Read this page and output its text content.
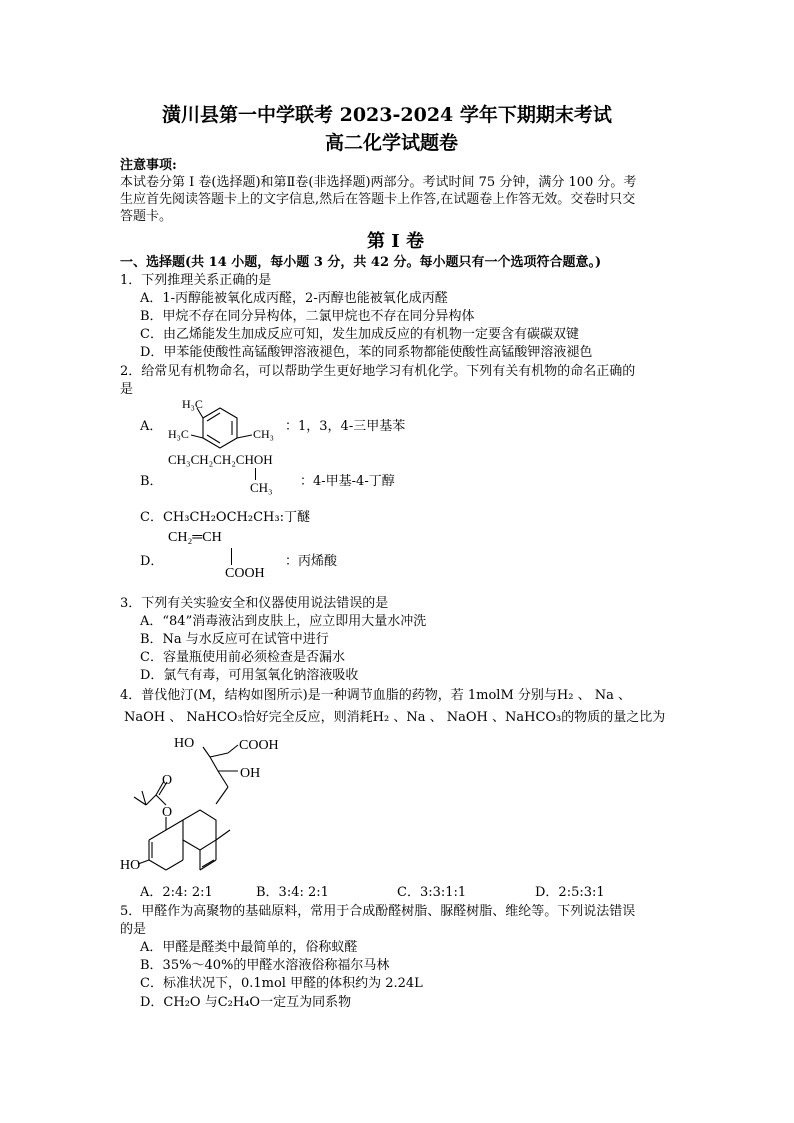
潢川县第一中学联考 2023-2024 学年下期期末考试
高二化学试题卷
注意事项:
本试卷分第 I 卷(选择题)和第Ⅱ卷(非选择题)两部分。考试时间 75 分钟，满分 100 分。考
生应首先阅读答题卡上的文字信息,然后在答题卡上作答,在试题卷上作答无效。交卷时只交
答题卡。
第 I 卷
一、选择题(共 14 小题，每小题 3 分，共 42 分。每小题只有一个选项符合题意。)
1．下列推理关系正确的是
A．1-丙醇能被氧化成丙醛，2-丙醇也能被氧化成丙醛
B．甲烷不存在同分异构体，二氯甲烷也不存在同分异构体
C．由乙烯能发生加成反应可知，发生加成反应的有机物一定要含有碳碳双键
D．甲苯能使酸性高锰酸钾溶液褪色，苯的同系物都能使酸性高锰酸钾溶液褪色
2．给常见有机物命名，可以帮助学生更好地学习有机化学。下列有关有机物的命名正确的
是
A．
H₃C
H₃C	CH₃ ：1，3，4-三甲基苯
B．
CH₃CH₂CH₂CHOH
CH₃ ：4-甲基-4-丁醇
C．CH₃CH₂OCH₂CH₃:丁醚
CH₂═CH
D．
COOH
：丙烯酸
3．下列有关实验安全和仪器使用说法错误的是
A．“84”消毒液沾到皮肤上，应立即用大量水冲洗
B．Na 与水反应可在试管中进行
C．容量瓶使用前必须检查是否漏水
D．氯气有毒，可用氢氧化钠溶液吸收
4．普伐他汀(M，结构如图所示)是一种调节血脂的药物，若 1molM 分别与H₂ 、 Na 、
NaOH 、 NaHCO₃恰好完全反应，则消耗H₂ 、Na 、 NaOH 、NaHCO₃的物质的量之比为
HO	COOH
OH
O
O
HO
A．2:4: 2:1	B．3:4: 2:1	C．3:3:1:1	D．2:5:3:1
5．甲醛作为高聚物的基础原料，常用于合成酚醛树脂、脲醛树脂、维纶等。下列说法错误
的是
A．甲醛是醛类中最简单的，俗称蚁醛
B．35%～40%的甲醛水溶液俗称福尔马林
C．标准状况下，0.1mol 甲醛的体积约为 2.24L
D．CH₂O 与C₂H₄O一定互为同系物
